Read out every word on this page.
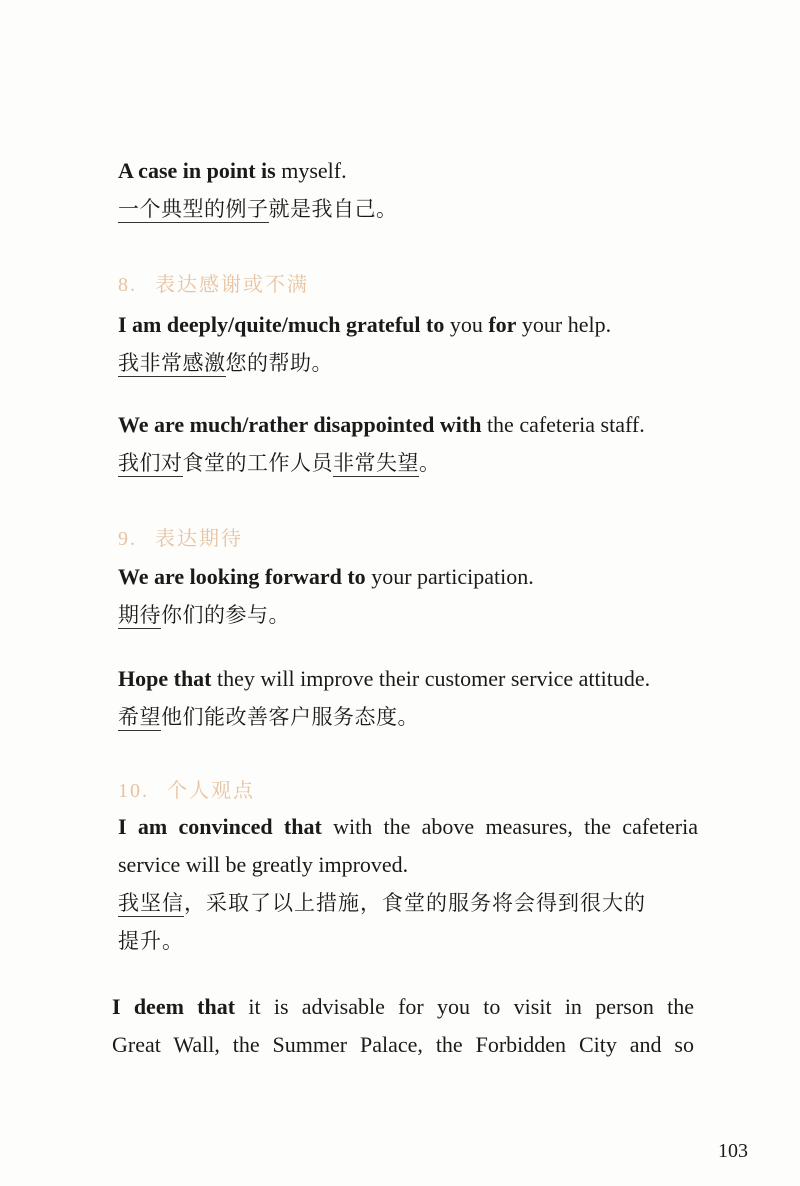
A case in point is myself.
一个典型的例子就是我自己。
8. 表达感谢或不满
I am deeply/quite/much grateful to you for your help.
我非常感激您的帮助。
We are much/rather disappointed with the cafeteria staff.
我们对食堂的工作人员非常失望。
9. 表达期待
We are looking forward to your participation.
期待你们的参与。
Hope that they will improve their customer service attitude.
希望他们能改善客户服务态度。
10. 个人观点
I am convinced that with the above measures, the cafeteria
service will be greatly improved.
我坚信，采取了以上措施，食堂的服务将会得到很大的
提升。
I deem that it is advisable for you to visit in person the
Great Wall, the Summer Palace, the Forbidden City and so
103
